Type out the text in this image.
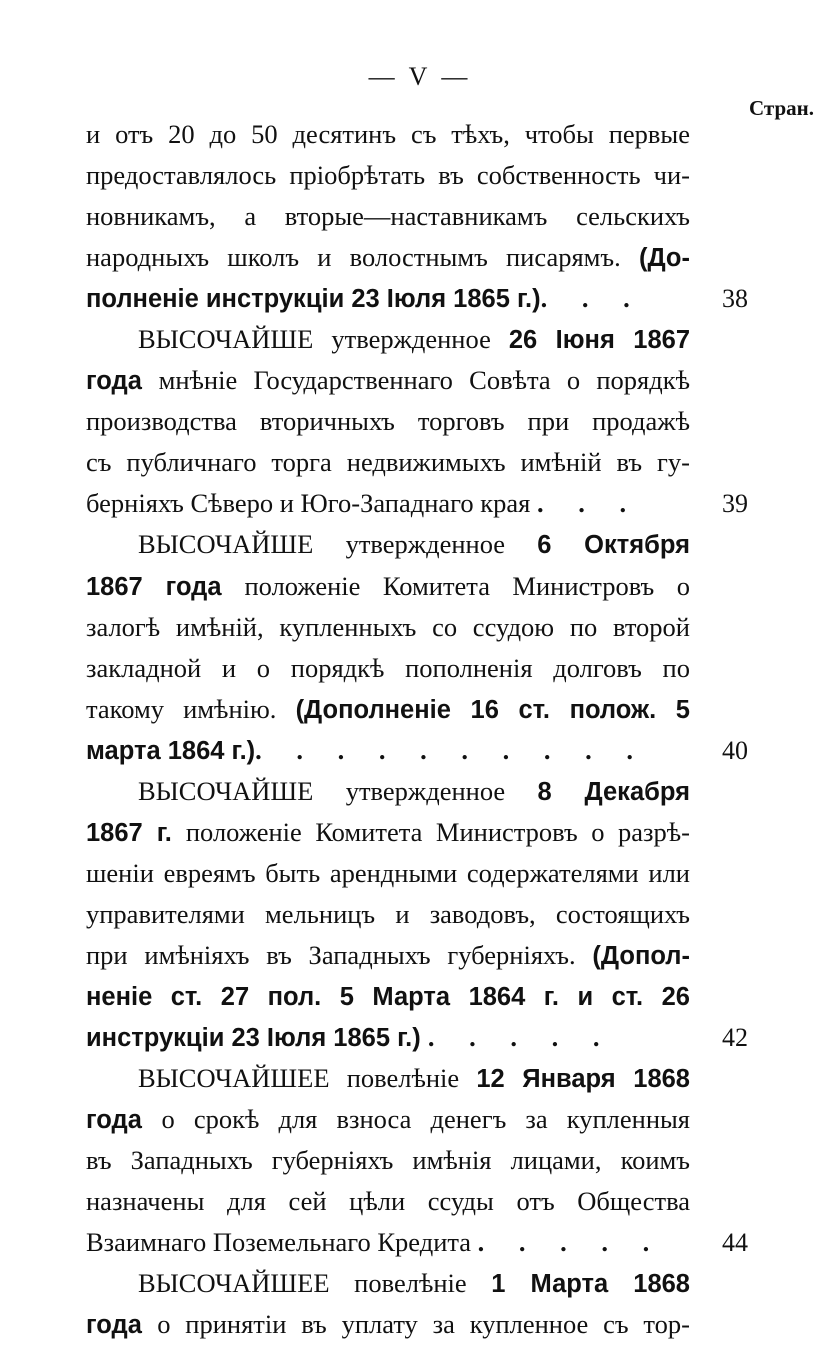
— V —
Стран.
и отъ 20 до 50 десятинъ съ тѣхъ, чтобы первые
предоставлялось пріобрѣтать въ собственность чи-
новникамъ, а вторые—наставникамъ сельскихъ
народныхъ школъ и волостнымъ писарямъ. (До-
полненіе инструкціи 23 Іюля 1865 г.). . .	38
ВЫСОЧАЙШЕ утвержденное 26 Іюня 1867
года мнѣніе Государственнаго Совѣта о порядкѣ
производства вторичныхъ торговъ при продажѣ
съ публичнаго торга недвижимыхъ имѣній въ гу-
берніяхъ Сѣверо и Юго-Западнаго края . . .	39
ВЫСОЧАЙШЕ утвержденное 6 Октября
1867 года положеніе Комитета Министровъ о
залогѣ имѣній, купленныхъ со ссудою по второй
закладной и о порядкѣ пополненія долговъ по
такому имѣнію. (Дополненіе 16 ст. полож. 5
марта 1864 г.). . . . . . . . . .	40
ВЫСОЧАЙШЕ утвержденное 8 Декабря
1867 г. положеніе Комитета Министровъ о разрѣ-
шеніи евреямъ быть арендными содержателями или
управителями мельницъ и заводовъ, состоящихъ
при имѣніяхъ въ Западныхъ губерніяхъ. (Допол-
неніе ст. 27 пол. 5 Марта 1864 г. и ст. 26
инструкціи 23 Іюля 1865 г.) . . . . .	42
ВЫСОЧАЙШЕЕ повелѣніе 12 Января 1868
года о срокѣ для взноса денегъ за купленныя
въ Западныхъ губерніяхъ имѣнія лицами, коимъ
назначены для сей цѣли ссуды отъ Общества
Взаимнаго Поземельнаго Кредита . . . . . 44
ВЫСОЧАЙШЕЕ повелѣніе 1 Марта 1868
года о принятіи въ уплату за купленное съ тор-
